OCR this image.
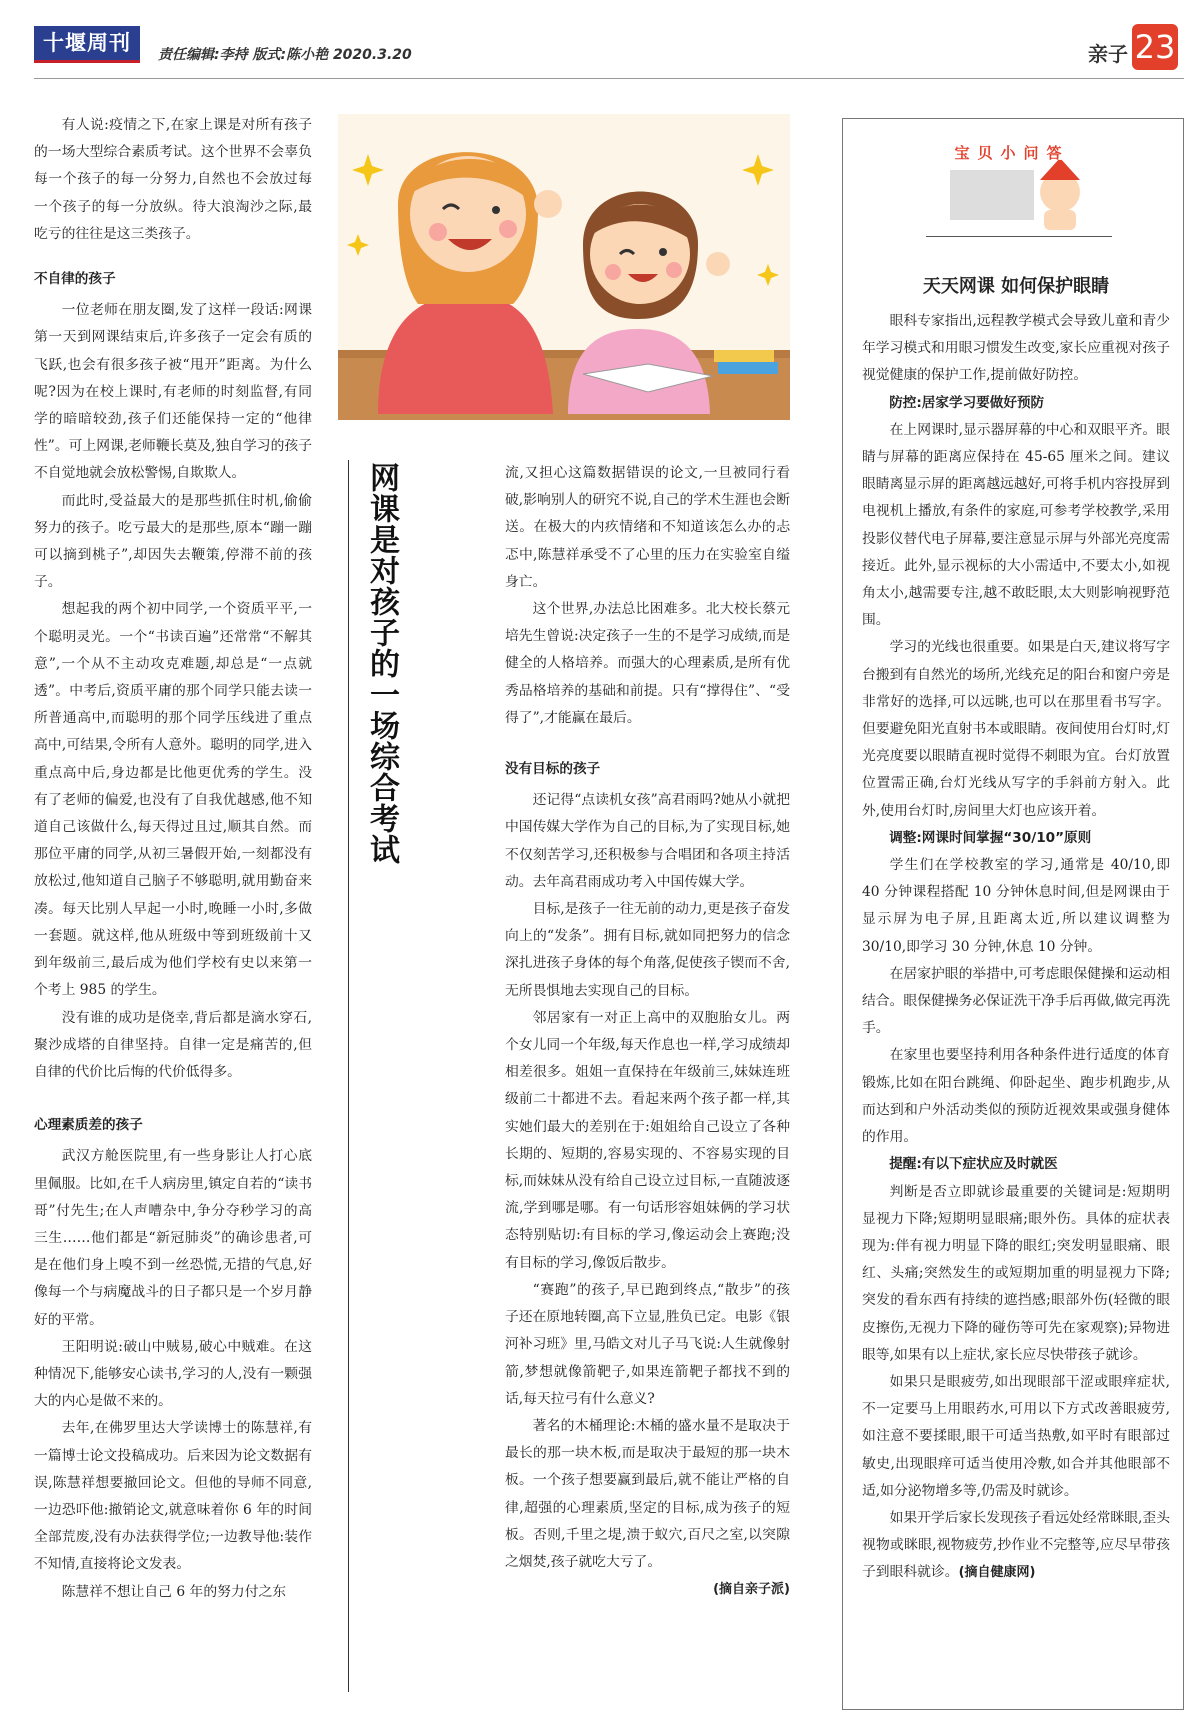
十堰周刊	责任编辑:李持 版式:陈小艳 2020.3.20	亲子 23

有人说:疫情之下,在家上课是对所有孩子的一场大型综合素质考试。这个世界不会辜负每一个孩子的每一分努力,自然也不会放过每一个孩子的每一分放纵。待大浪淘沙之际,最吃亏的往往是这三类孩子。

不自律的孩子

一位老师在朋友圈,发了这样一段话:网课第一天到网课结束后,许多孩子一定会有质的飞跃,也会有很多孩子被“甩开”距离。为什么呢?因为在校上课时,有老师的时刻监督,有同学的暗暗较劲,孩子们还能保持一定的“他律性”。可上网课,老师鞭长莫及,独自学习的孩子不自觉地就会放松警惕,自欺欺人。

而此时,受益最大的是那些抓住时机,偷偷努力的孩子。吃亏最大的是那些,原本“蹦一蹦可以摘到桃子”,却因失去鞭策,停滞不前的孩子。

想起我的两个初中同学,一个资质平平,一个聪明灵光。一个“书读百遍”还常常“不解其意”,一个从不主动攻克难题,却总是“一点就透”。中考后,资质平庸的那个同学只能去读一所普通高中,而聪明的那个同学压线进了重点高中,可结果,令所有人意外。聪明的同学,进入重点高中后,身边都是比他更优秀的学生。没有了老师的偏爱,也没有了自我优越感,他不知道自己该做什么,每天得过且过,顺其自然。而那位平庸的同学,从初三暑假开始,一刻都没有放松过,他知道自己脑子不够聪明,就用勤奋来凑。每天比别人早起一小时,晚睡一小时,多做一套题。就这样,他从班级中等到班级前十又到年级前三,最后成为他们学校有史以来第一个考上 985 的学生。

没有谁的成功是侥幸,背后都是滴水穿石,聚沙成塔的自律坚持。自律一定是痛苦的,但自律的代价比后悔的代价低得多。

心理素质差的孩子

武汉方舱医院里,有一些身影让人打心底里佩服。比如,在千人病房里,镇定自若的“读书哥”付先生;在人声嘈杂中,争分夺秒学习的高三生……他们都是“新冠肺炎”的确诊患者,可是在他们身上嗅不到一丝恐慌,无措的气息,好像每一个与病魔战斗的日子都只是一个岁月静好的平常。

王阳明说:破山中贼易,破心中贼难。在这种情况下,能够安心读书,学习的人,没有一颗强大的内心是做不来的。

去年,在佛罗里达大学读博士的陈慧祥,有一篇博士论文投稿成功。后来因为论文数据有误,陈慧祥想要撤回论文。但他的导师不同意,一边恐吓他:撤销论文,就意味着你 6 年的时间全部荒废,没有办法获得学位;一边教导他:装作不知情,直接将论文发表。

陈慧祥不想让自己 6 年的努力付之东

网课是对孩子的一场综合考试	流,又担心这篇数据错误的论文,一旦被同行看破,影响别人的研究不说,自己的学术生涯也会断送。在极大的内疚情绪和不知道该怎么办的忐忑中,陈慧祥承受不了心里的压力在实验室自缢身亡。

这个世界,办法总比困难多。北大校长蔡元培先生曾说:决定孩子一生的不是学习成绩,而是健全的人格培养。而强大的心理素质,是所有优秀品格培养的基础和前提。只有“撑得住”、“受得了”,才能赢在最后。

没有目标的孩子

还记得“点读机女孩”高君雨吗?她从小就把中国传媒大学作为自己的目标,为了实现目标,她不仅刻苦学习,还积极参与合唱团和各项主持活动。去年高君雨成功考入中国传媒大学。

目标,是孩子一往无前的动力,更是孩子奋发向上的“发条”。拥有目标,就如同把努力的信念深扎进孩子身体的每个角落,促使孩子锲而不舍,无所畏惧地去实现自己的目标。

邻居家有一对正上高中的双胞胎女儿。两个女儿同一个年级,每天作息也一样,学习成绩却相差很多。姐姐一直保持在年级前三,妹妹连班级前二十都进不去。看起来两个孩子都一样,其实她们最大的差别在于:姐姐给自己设立了各种长期的、短期的,容易实现的、不容易实现的目标,而妹妹从没有给自己设立过目标,一直随波逐流,学到哪是哪。有一句话形容姐妹俩的学习状态特别贴切:有目标的学习,像运动会上赛跑;没有目标的学习,像饭后散步。

“赛跑”的孩子,早已跑到终点,“散步”的孩子还在原地转圈,高下立显,胜负已定。电影《银河补习班》里,马皓文对儿子马飞说:人生就像射箭,梦想就像箭靶子,如果连箭靶子都找不到的话,每天拉弓有什么意义?

著名的木桶理论:木桶的盛水量不是取决于最长的那一块木板,而是取决于最短的那一块木板。一个孩子想要赢到最后,就不能让严格的自律,超强的心理素质,坚定的目标,成为孩子的短板。否则,千里之堤,溃于蚁穴,百尺之室,以突隙之烟焚,孩子就吃大亏了。

(摘自亲子派)

宝贝小问答
天天网课 如何保护眼睛

眼科专家指出,远程教学模式会导致儿童和青少年学习模式和用眼习惯发生改变,家长应重视对孩子视觉健康的保护工作,提前做好防控。

防控:居家学习要做好预防

在上网课时,显示器屏幕的中心和双眼平齐。眼睛与屏幕的距离应保持在 45-65 厘米之间。建议眼睛离显示屏的距离越远越好,可将手机内容投屏到电视机上播放,有条件的家庭,可参考学校教学,采用投影仪替代电子屏幕,要注意显示屏与外部光亮度需接近。此外,显示视标的大小需适中,不要太小,如视角太小,越需要专注,越不敢眨眼,太大则影响视野范围。

学习的光线也很重要。如果是白天,建议将写字台搬到有自然光的场所,光线充足的阳台和窗户旁是非常好的选择,可以远眺,也可以在那里看书写字。但要避免阳光直射书本或眼睛。夜间使用台灯时,灯光亮度要以眼睛直视时觉得不刺眼为宜。台灯放置位置需正确,台灯光线从写字的手斜前方射入。此外,使用台灯时,房间里大灯也应该开着。

调整:网课时间掌握“30/10”原则

学生们在学校教室的学习,通常是 40/10,即 40 分钟课程搭配 10 分钟休息时间,但是网课由于显示屏为电子屏,且距离太近,所以建议调整为 30/10,即学习 30 分钟,休息 10 分钟。

在居家护眼的举措中,可考虑眼保健操和运动相结合。眼保健操务必保证洗干净手后再做,做完再洗手。

在家里也要坚持利用各种条件进行适度的体育锻炼,比如在阳台跳绳、仰卧起坐、跑步机跑步,从而达到和户外活动类似的预防近视效果或强身健体的作用。

提醒:有以下症状应及时就医

判断是否立即就诊最重要的关键词是:短期明显视力下降;短期明显眼痛;眼外伤。具体的症状表现为:伴有视力明显下降的眼红;突发明显眼痛、眼红、头痛;突然发生的或短期加重的明显视力下降;突发的看东西有持续的遮挡感;眼部外伤(轻微的眼皮擦伤,无视力下降的碰伤等可先在家观察);异物进眼等,如果有以上症状,家长应尽快带孩子就诊。

如果只是眼疲劳,如出现眼部干涩或眼痒症状,不一定要马上用眼药水,可用以下方式改善眼疲劳,如注意不要揉眼,眼干可适当热敷,如平时有眼部过敏史,出现眼痒可适当使用冷敷,如合并其他眼部不适,如分泌物增多等,仍需及时就诊。

如果开学后家长发现孩子看远处经常眯眼,歪头视物或眯眼,视物疲劳,抄作业不完整等,应尽早带孩子到眼科就诊。(摘自健康网)
